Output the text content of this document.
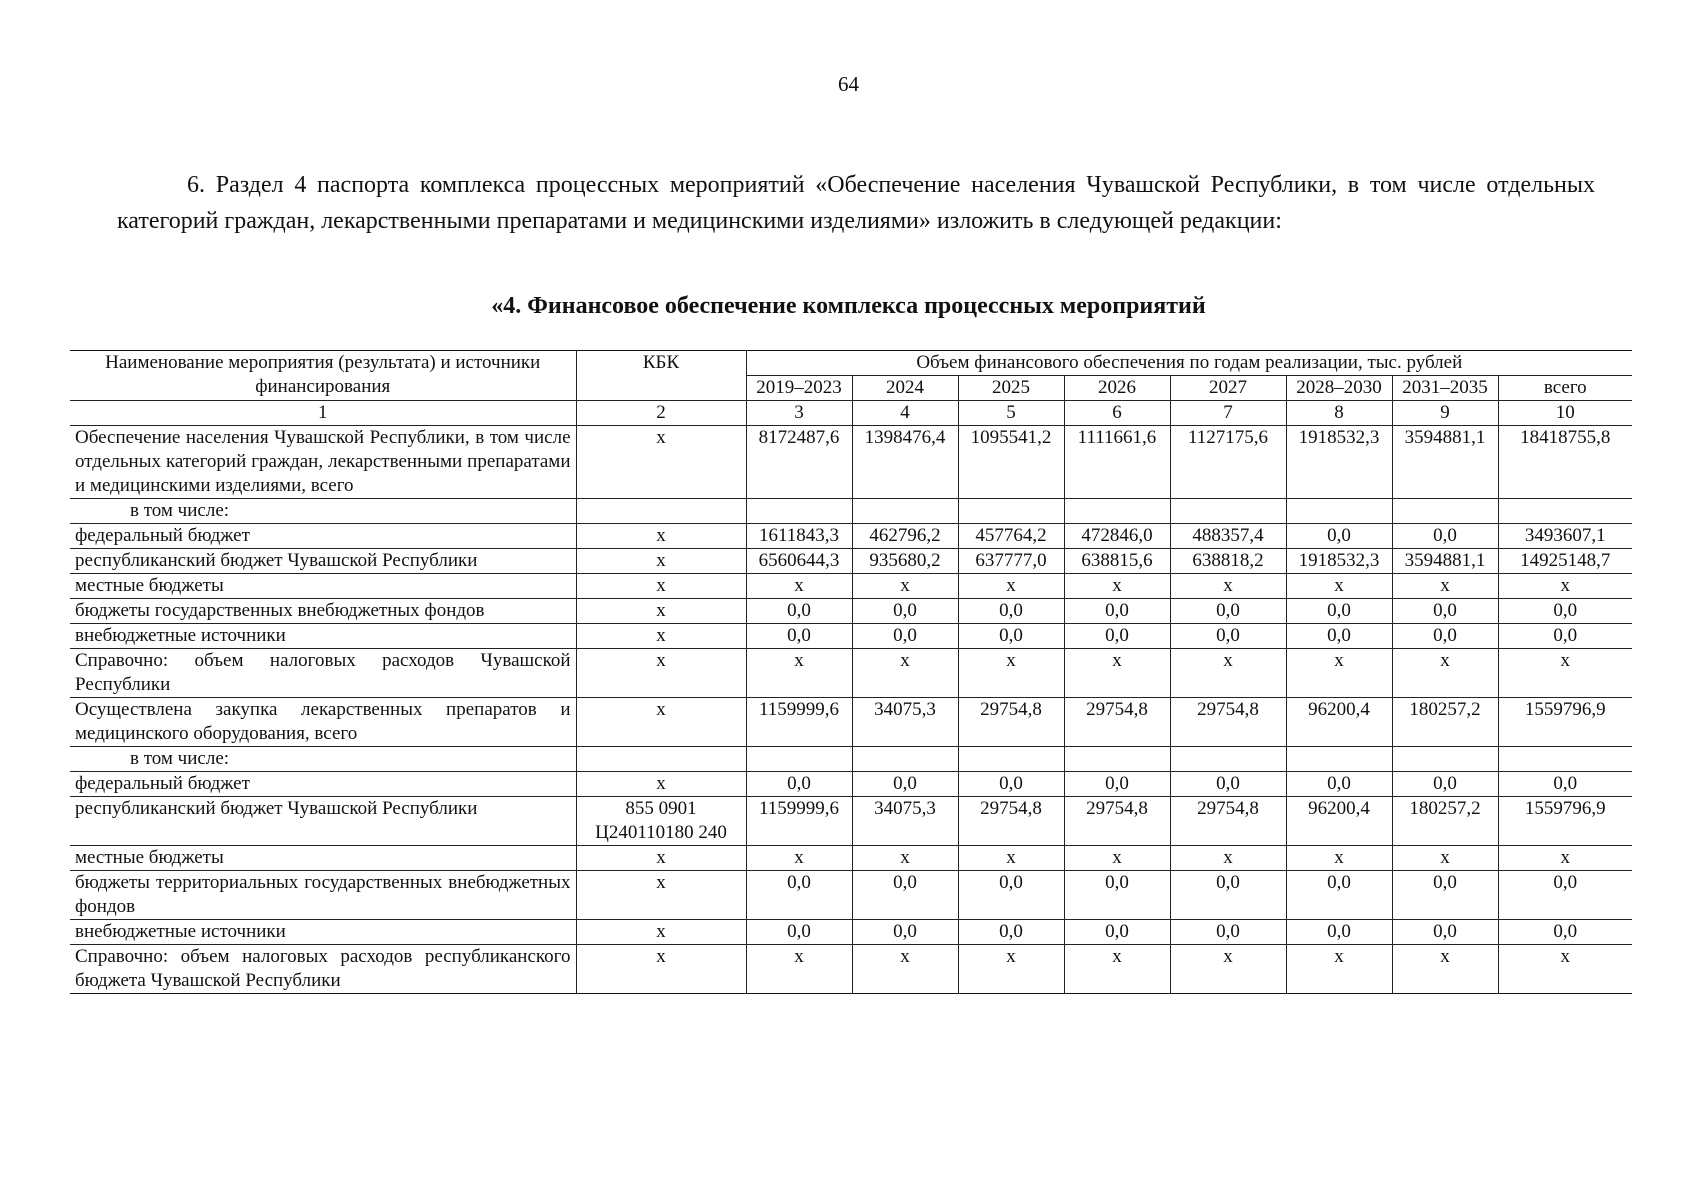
64

6. Раздел 4 паспорта комплекса процессных мероприятий «Обеспечение населения Чувашской Республики, в том числе отдельных категорий граждан, лекарственными препаратами и медицинскими изделиями» изложить в следующей редакции:

«4. Финансовое обеспечение комплекса процессных мероприятий
Наименование мероприятия (результата) и источники финансирования	КБК	Объем финансового обеспечения по годам реализации, тыс. рублей							
		2019–2023	2024	2025	2026	2027	2028–2030	2031–2035	всего
1	2	3	4	5	6	7	8	9	10
Обеспечение населения Чувашской Республики, в том числе отдельных категорий граждан, лекарственными препаратами и медицинскими изделиями, всего	x	8172487,6	1398476,4	1095541,2	1111661,6	1127175,6	1918532,3	3594881,1	18418755,8
в том числе:									
федеральный бюджет	x	1611843,3	462796,2	457764,2	472846,0	488357,4	0,0	0,0	3493607,1
республиканский бюджет Чувашской Республики	x	6560644,3	935680,2	637777,0	638815,6	638818,2	1918532,3	3594881,1	14925148,7
местные бюджеты	x	x	x	x	x	x	x	x	x
бюджеты государственных внебюджетных фондов	x	0,0	0,0	0,0	0,0	0,0	0,0	0,0	0,0
внебюджетные источники	x	0,0	0,0	0,0	0,0	0,0	0,0	0,0	0,0
Справочно: объем налоговых расходов Чувашской Республики	x	x	x	x	x	x	x	x	x
Осуществлена закупка лекарственных препаратов и медицинского оборудования, всего	x	1159999,6	34075,3	29754,8	29754,8	29754,8	96200,4	180257,2	1559796,9
в том числе:									
федеральный бюджет	x	0,0	0,0	0,0	0,0	0,0	0,0	0,0	0,0
республиканский бюджет Чувашской Республики	855 0901 Ц240110180 240	1159999,6	34075,3	29754,8	29754,8	29754,8	96200,4	180257,2	1559796,9
местные бюджеты	x	x	x	x	x	x	x	x	x
бюджеты территориальных государственных внебюджетных фондов	x	0,0	0,0	0,0	0,0	0,0	0,0	0,0	0,0
внебюджетные источники	x	0,0	0,0	0,0	0,0	0,0	0,0	0,0	0,0
Справочно: объем налоговых расходов республиканского бюджета Чувашской Республики	x	x	x	x	x	x	x	x	x
